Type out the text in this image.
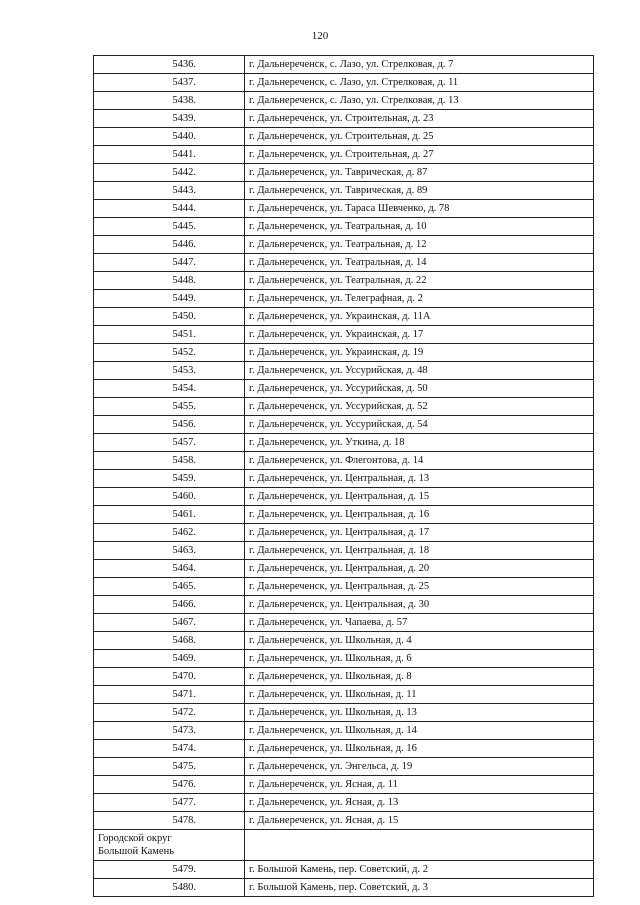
120
5436.	г. Дальнереченск, с. Лазо, ул. Стрелковая, д. 7
5437.	г. Дальнереченск, с. Лазо, ул. Стрелковая, д. 11
5438.	г. Дальнереченск, с. Лазо, ул. Стрелковая, д. 13
5439.	г. Дальнереченск, ул. Строительная, д. 23
5440.	г. Дальнереченск, ул. Строительная, д. 25
5441.	г. Дальнереченск, ул. Строительная, д. 27
5442.	г. Дальнереченск, ул. Таврическая, д. 87
5443.	г. Дальнереченск, ул. Таврическая, д. 89
5444.	г. Дальнереченск, ул. Тараса Шевченко, д. 78
5445.	г. Дальнереченск, ул. Театральная, д. 10
5446.	г. Дальнереченск, ул. Театральная, д. 12
5447.	г. Дальнереченск, ул. Театральная, д. 14
5448.	г. Дальнереченск, ул. Театральная, д. 22
5449.	г. Дальнереченск, ул. Телеграфная, д. 2
5450.	г. Дальнереченск, ул. Украинская, д. 11А
5451.	г. Дальнереченск, ул. Украинская, д. 17
5452.	г. Дальнереченск, ул. Украинская, д. 19
5453.	г. Дальнереченск, ул. Уссурийская, д. 48
5454.	г. Дальнереченск, ул. Уссурийская, д. 50
5455.	г. Дальнереченск, ул. Уссурийская, д. 52
5456.	г. Дальнереченск, ул. Уссурийская, д. 54
5457.	г. Дальнереченск, ул. Уткина, д. 18
5458.	г. Дальнереченск, ул. Флегонтова, д. 14
5459.	г. Дальнереченск, ул. Центральная, д. 13
5460.	г. Дальнереченск, ул. Центральная, д. 15
5461.	г. Дальнереченск, ул. Центральная, д. 16
5462.	г. Дальнереченск, ул. Центральная, д. 17
5463.	г. Дальнереченск, ул. Центральная, д. 18
5464.	г. Дальнереченск, ул. Центральная, д. 20
5465.	г. Дальнереченск, ул. Центральная, д. 25
5466.	г. Дальнереченск, ул. Центральная, д. 30
5467.	г. Дальнереченск, ул. Чапаева, д. 57
5468.	г. Дальнереченск, ул. Школьная, д. 4
5469.	г. Дальнереченск, ул. Школьная, д. 6
5470.	г. Дальнереченск, ул. Школьная, д. 8
5471.	г. Дальнереченск, ул. Школьная, д. 11
5472.	г. Дальнереченск, ул. Школьная, д. 13
5473.	г. Дальнереченск, ул. Школьная, д. 14
5474.	г. Дальнереченск, ул. Школьная, д. 16
5475.	г. Дальнереченск, ул. Энгельса, д. 19
5476.	г. Дальнереченск, ул. Ясная, д. 11
5477.	г. Дальнереченск, ул. Ясная, д. 13
5478.	г. Дальнереченск, ул. Ясная, д. 15

Городской округ
Большой Камень	

5479.	г. Большой Камень, пер. Советский, д. 2
5480.	г. Большой Камень, пер. Советский, д. 3
